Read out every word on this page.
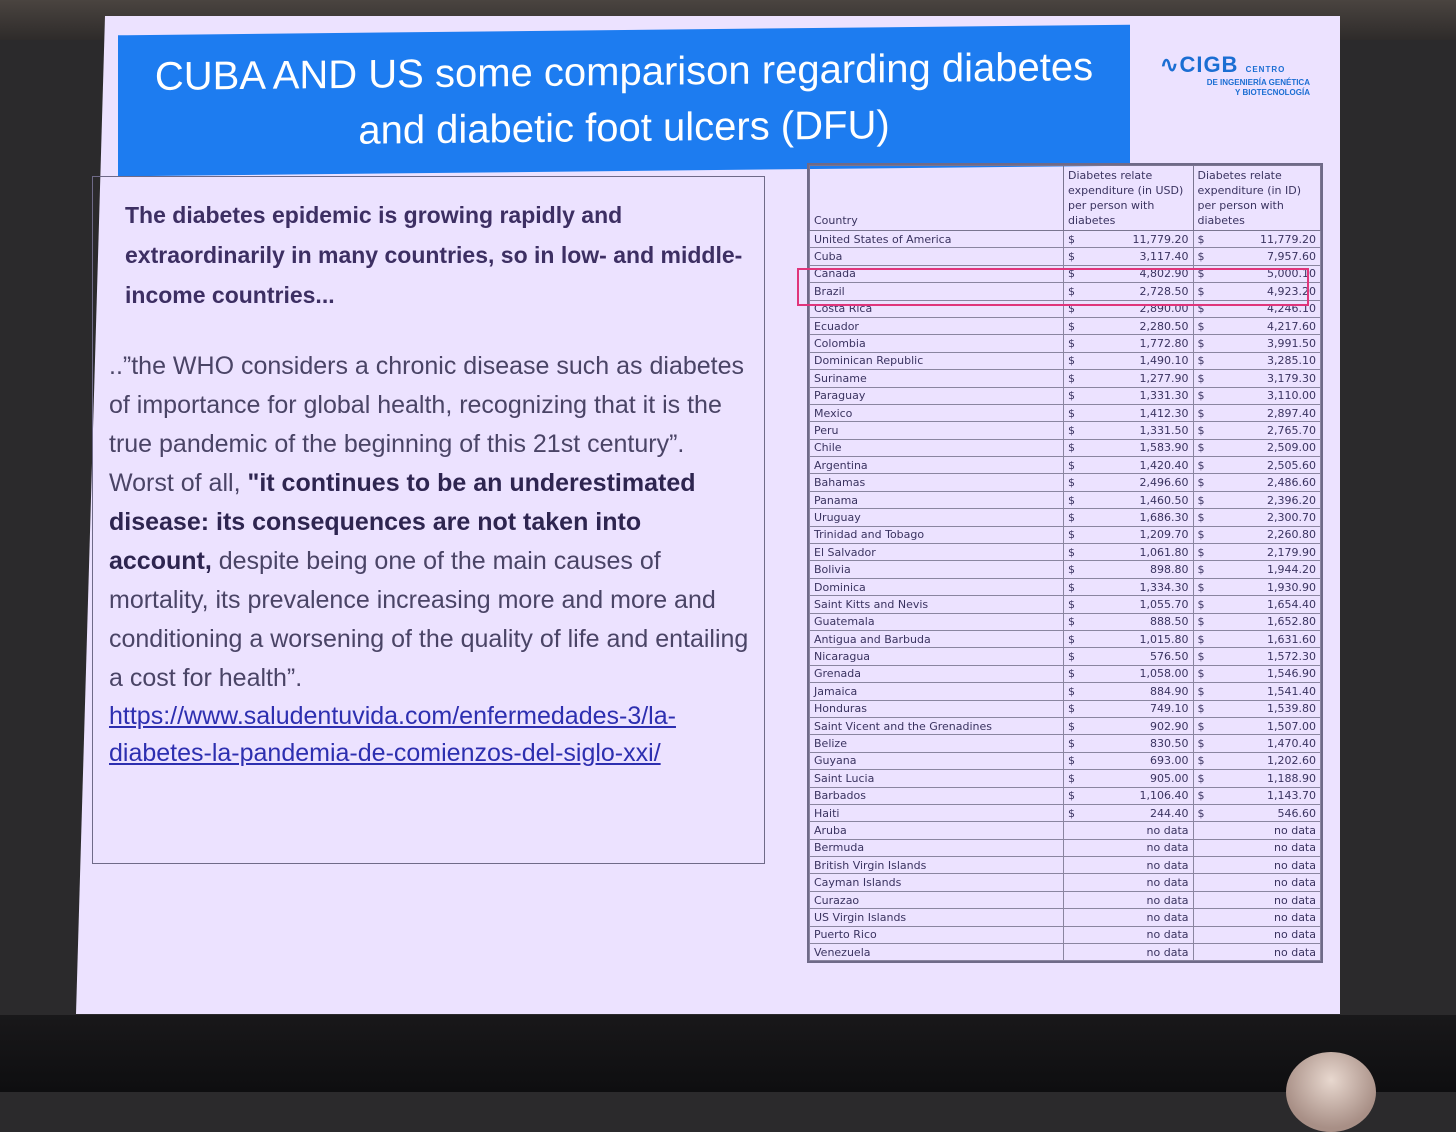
CUBA AND US some comparison regarding diabetes and diabetic foot ulcers (DFU)
∿CIGB CENTRO
DE INGENIERÍA GENÉTICA
Y BIOTECNOLOGÍA

The diabetes epidemic is growing rapidly and extraordinarily in many countries, so in low- and middle-income countries...

..”the WHO considers a chronic disease such as diabetes of importance for global health, recognizing that it is the true pandemic of the beginning of this 21st century”. Worst of all, "it continues to be an underestimated disease: its consequences are not taken into account, despite being one of the main causes of mortality, its prevalence increasing more and more and conditioning a worsening of the quality of life and entailing a cost for health”.

https://www.saludentuvida.com/enfermedades-3/la-diabetes-la-pandemia-de-comienzos-del-siglo-xxi/
Country	Diabetes relate expenditure (in USD) per person with diabetes		Diabetes relate expenditure (in ID) per person with diabetes	
United States of America	$	11,779.20	$	11,779.20
Cuba	$	3,117.40	$	7,957.60
Canada	$	4,802.90	$	5,000.10
Brazil	$	2,728.50	$	4,923.20
Costa Rica	$	2,890.00	$	4,246.10
Ecuador	$	2,280.50	$	4,217.60
Colombia	$	1,772.80	$	3,991.50
Dominican Republic	$	1,490.10	$	3,285.10
Suriname	$	1,277.90	$	3,179.30
Paraguay	$	1,331.30	$	3,110.00
Mexico	$	1,412.30	$	2,897.40
Peru	$	1,331.50	$	2,765.70
Chile	$	1,583.90	$	2,509.00
Argentina	$	1,420.40	$	2,505.60
Bahamas	$	2,496.60	$	2,486.60
Panama	$	1,460.50	$	2,396.20
Uruguay	$	1,686.30	$	2,300.70
Trinidad and Tobago	$	1,209.70	$	2,260.80
El Salvador	$	1,061.80	$	2,179.90
Bolivia	$	898.80	$	1,944.20
Dominica	$	1,334.30	$	1,930.90
Saint Kitts and Nevis	$	1,055.70	$	1,654.40
Guatemala	$	888.50	$	1,652.80
Antigua and Barbuda	$	1,015.80	$	1,631.60
Nicaragua	$	576.50	$	1,572.30
Grenada	$	1,058.00	$	1,546.90
Jamaica	$	884.90	$	1,541.40
Honduras	$	749.10	$	1,539.80
Saint Vicent and the Grenadines	$	902.90	$	1,507.00
Belize	$	830.50	$	1,470.40
Guyana	$	693.00	$	1,202.60
Saint Lucia	$	905.00	$	1,188.90
Barbados	$	1,106.40	$	1,143.70
Haiti	$	244.40	$	546.60
Aruba		no data		no data
Bermuda		no data		no data
British Virgin Islands		no data		no data
Cayman Islands		no data		no data
Curazao		no data		no data
US Virgin Islands		no data		no data
Puerto Rico		no data		no data
Venezuela		no data		no data
